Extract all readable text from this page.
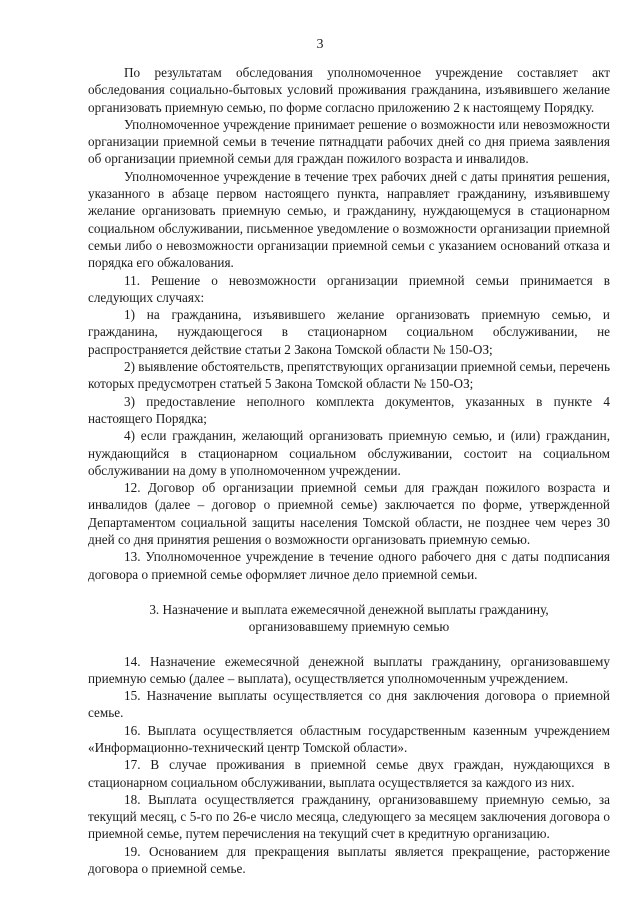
3

По результатам обследования уполномоченное учреждение составляет акт обследования социально-бытовых условий проживания гражданина, изъявившего желание организовать приемную семью, по форме согласно приложению 2 к настоящему Порядку.

Уполномоченное учреждение принимает решение о возможности или невозможности организации приемной семьи в течение пятнадцати рабочих дней со дня приема заявления об организации приемной семьи для граждан пожилого возраста и инвалидов.

Уполномоченное учреждение в течение трех рабочих дней с даты принятия решения, указанного в абзаце первом настоящего пункта, направляет гражданину, изъявившему желание организовать приемную семью, и гражданину, нуждающемуся в стационарном социальном обслуживании, письменное уведомление о возможности организации приемной семьи либо о невозможности организации приемной семьи с указанием оснований отказа и порядка его обжалования.

11. Решение о невозможности организации приемной семьи принимается в следующих случаях:

1) на гражданина, изъявившего желание организовать приемную семью, и гражданина, нуждающегося в стационарном социальном обслуживании, не распространяется действие статьи 2 Закона Томской области № 150-ОЗ;

2) выявление обстоятельств, препятствующих организации приемной семьи, перечень которых предусмотрен статьей 5 Закона Томской области № 150-ОЗ;

3) предоставление неполного комплекта документов, указанных в пункте 4 настоящего Порядка;

4) если гражданин, желающий организовать приемную семью, и (или) гражданин, нуждающийся в стационарном социальном обслуживании, состоит на социальном обслуживании на дому в уполномоченном учреждении.

12. Договор об организации приемной семьи для граждан пожилого возраста и инвалидов (далее – договор о приемной семье) заключается по форме, утвержденной Департаментом социальной защиты населения Томской области, не позднее чем через 30 дней со дня принятия решения о возможности организовать приемную семью.

13. Уполномоченное учреждение в течение одного рабочего дня с даты подписания договора о приемной семье оформляет личное дело приемной семьи.

3. Назначение и выплата ежемесячной денежной выплаты гражданину, организовавшему приемную семью

14. Назначение ежемесячной денежной выплаты гражданину, организовавшему приемную семью (далее – выплата), осуществляется уполномоченным учреждением.

15. Назначение выплаты осуществляется со дня заключения договора о приемной семье.

16. Выплата осуществляется областным государственным казенным учреждением «Информационно-технический центр Томской области».

17. В случае проживания в приемной семье двух граждан, нуждающихся в стационарном социальном обслуживании, выплата осуществляется за каждого из них.

18. Выплата осуществляется гражданину, организовавшему приемную семью, за текущий месяц, с 5-го по 26-е число месяца, следующего за месяцем заключения договора о приемной семье, путем перечисления на текущий счет в кредитную организацию.

19. Основанием для прекращения выплаты является прекращение, расторжение договора о приемной семье.
